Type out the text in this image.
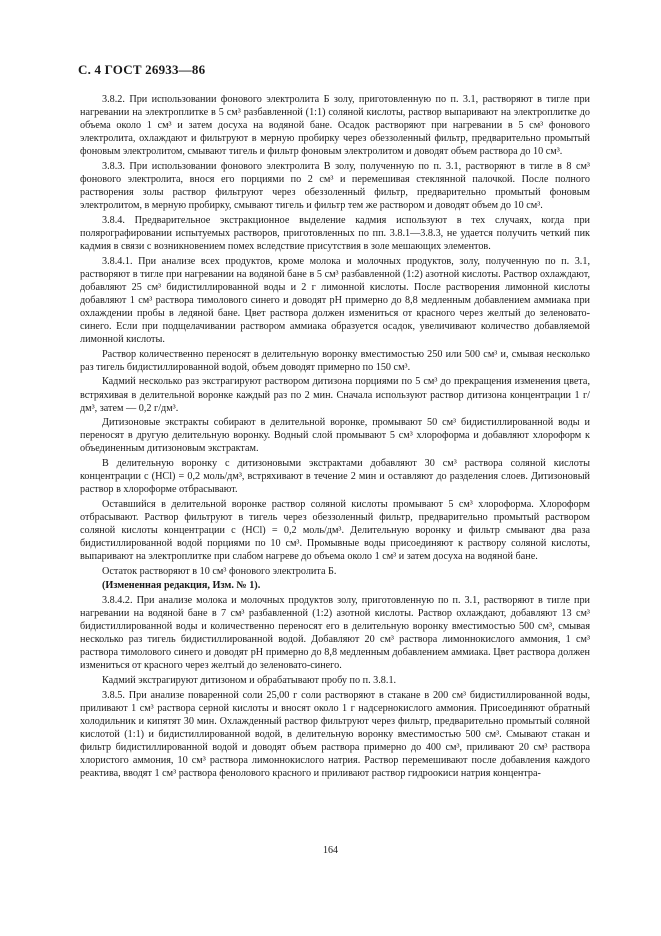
С. 4 ГОСТ 26933—86

3.8.2. При использовании фонового электролита Б золу, приготовленную по п. 3.1, растворяют в тигле при нагревании на электроплитке в 5 см³ разбавленной (1:1) соляной кислоты, раствор выпаривают на электроплитке до объема около 1 см³ и затем досуха на водяной бане. Осадок растворяют при нагревании в 5 см³ фонового электролита, охлаждают и фильтруют в мерную пробирку через обеззоленный фильтр, предварительно промытый фоновым электролитом, смывают тигель и фильтр фоновым электролитом и доводят объем раствора до 10 см³.

3.8.3. При использовании фонового электролита В золу, полученную по п. 3.1, растворяют в тигле в 8 см³ фонового электролита, внося его порциями по 2 см³ и перемешивая стеклянной палочкой. После полного растворения золы раствор фильтруют через обеззоленный фильтр, предварительно промытый фоновым электролитом, в мерную пробирку, смывают тигель и фильтр тем же раствором и доводят объем до 10 см³.

3.8.4. Предварительное экстракционное выделение кадмия используют в тех случаях, когда при полярографировании испытуемых растворов, приготовленных по пп. 3.8.1—3.8.3, не удается получить четкий пик кадмия в связи с возникновением помех вследствие присутствия в золе мешающих элементов.

3.8.4.1. При анализе всех продуктов, кроме молока и молочных продуктов, золу, полученную по п. 3.1, растворяют в тигле при нагревании на водяной бане в 5 см³ разбавленной (1:2) азотной кислоты. Раствор охлаждают, добавляют 25 см³ бидистиллированной воды и 2 г лимонной кислоты. После растворения лимонной кислоты добавляют 1 см³ раствора тимолового синего и доводят pH примерно до 8,8 медленным добавлением аммиака при охлаждении пробы в ледяной бане. Цвет раствора должен измениться от красного через желтый до зеленовато-синего. Если при подщелачивании раствором аммиака образуется осадок, увеличивают количество добавляемой лимонной кислоты.

Раствор количественно переносят в делительную воронку вместимостью 250 или 500 см³ и, смывая несколько раз тигель бидистиллированной водой, объем доводят примерно по 150 см³.

Кадмий несколько раз экстрагируют раствором дитизона порциями по 5 см³ до прекращения изменения цвета, встряхивая в делительной воронке каждый раз по 2 мин. Сначала используют раствор дитизона концентрации 1 г/дм³, затем — 0,2 г/дм³.

Дитизоновые экстракты собирают в делительной воронке, промывают 50 см³ бидистиллированной воды и переносят в другую делительную воронку. Водный слой промывают 5 см³ хлороформа и добавляют хлороформ к объединенным дитизоновым экстрактам.

В делительную воронку с дитизоновыми экстрактами добавляют 30 см³ раствора соляной кислоты концентрации c (HCl) = 0,2 моль/дм³, встряхивают в течение 2 мин и оставляют до разделения слоев. Дитизоновый раствор в хлороформе отбрасывают.

Оставшийся в делительной воронке раствор соляной кислоты промывают 5 см³ хлороформа. Хлороформ отбрасывают. Раствор фильтруют в тигель через обеззоленный фильтр, предварительно промытый раствором соляной кислоты концентрации c (HCl) = 0,2 моль/дм³. Делительную воронку и фильтр смывают два раза бидистиллированной водой порциями по 10 см³. Промывные воды присоединяют к раствору соляной кислоты, выпаривают на электроплитке при слабом нагреве до объема около 1 см³ и затем досуха на водяной бане.

Остаток растворяют в 10 см³ фонового электролита Б.

(Измененная редакция, Изм. № 1).

3.8.4.2. При анализе молока и молочных продуктов золу, приготовленную по п. 3.1, растворяют в тигле при нагревании на водяной бане в 7 см³ разбавленной (1:2) азотной кислоты. Раствор охлаждают, добавляют 13 см³ бидистиллированной воды и количественно переносят его в делительную воронку вместимостью 500 см³, смывая несколько раз тигель бидистиллированной водой. Добавляют 20 см³ раствора лимоннокислого аммония, 1 см³ раствора тимолового синего и доводят pH примерно до 8,8 медленным добавлением аммиака. Цвет раствора должен измениться от красного через желтый до зеленовато-синего.

Кадмий экстрагируют дитизоном и обрабатывают пробу по п. 3.8.1.

3.8.5. При анализе поваренной соли 25,00 г соли растворяют в стакане в 200 см³ бидистиллированной воды, приливают 1 см³ раствора серной кислоты и вносят около 1 г надсернокислого аммония. Присоединяют обратный холодильник и кипятят 30 мин. Охлажденный раствор фильтруют через фильтр, предварительно промытый соляной кислотой (1:1) и бидистиллированной водой, в делительную воронку вместимостью 500 см³. Смывают стакан и фильтр бидистиллированной водой и доводят объем раствора примерно до 400 см³, приливают 20 см³ раствора хлористого аммония, 10 см³ раствора лимоннокислого натрия. Раствор перемешивают после добавления каждого реактива, вводят 1 см³ раствора фенолового красного и приливают раствор гидроокиси натрия концентра-

164
